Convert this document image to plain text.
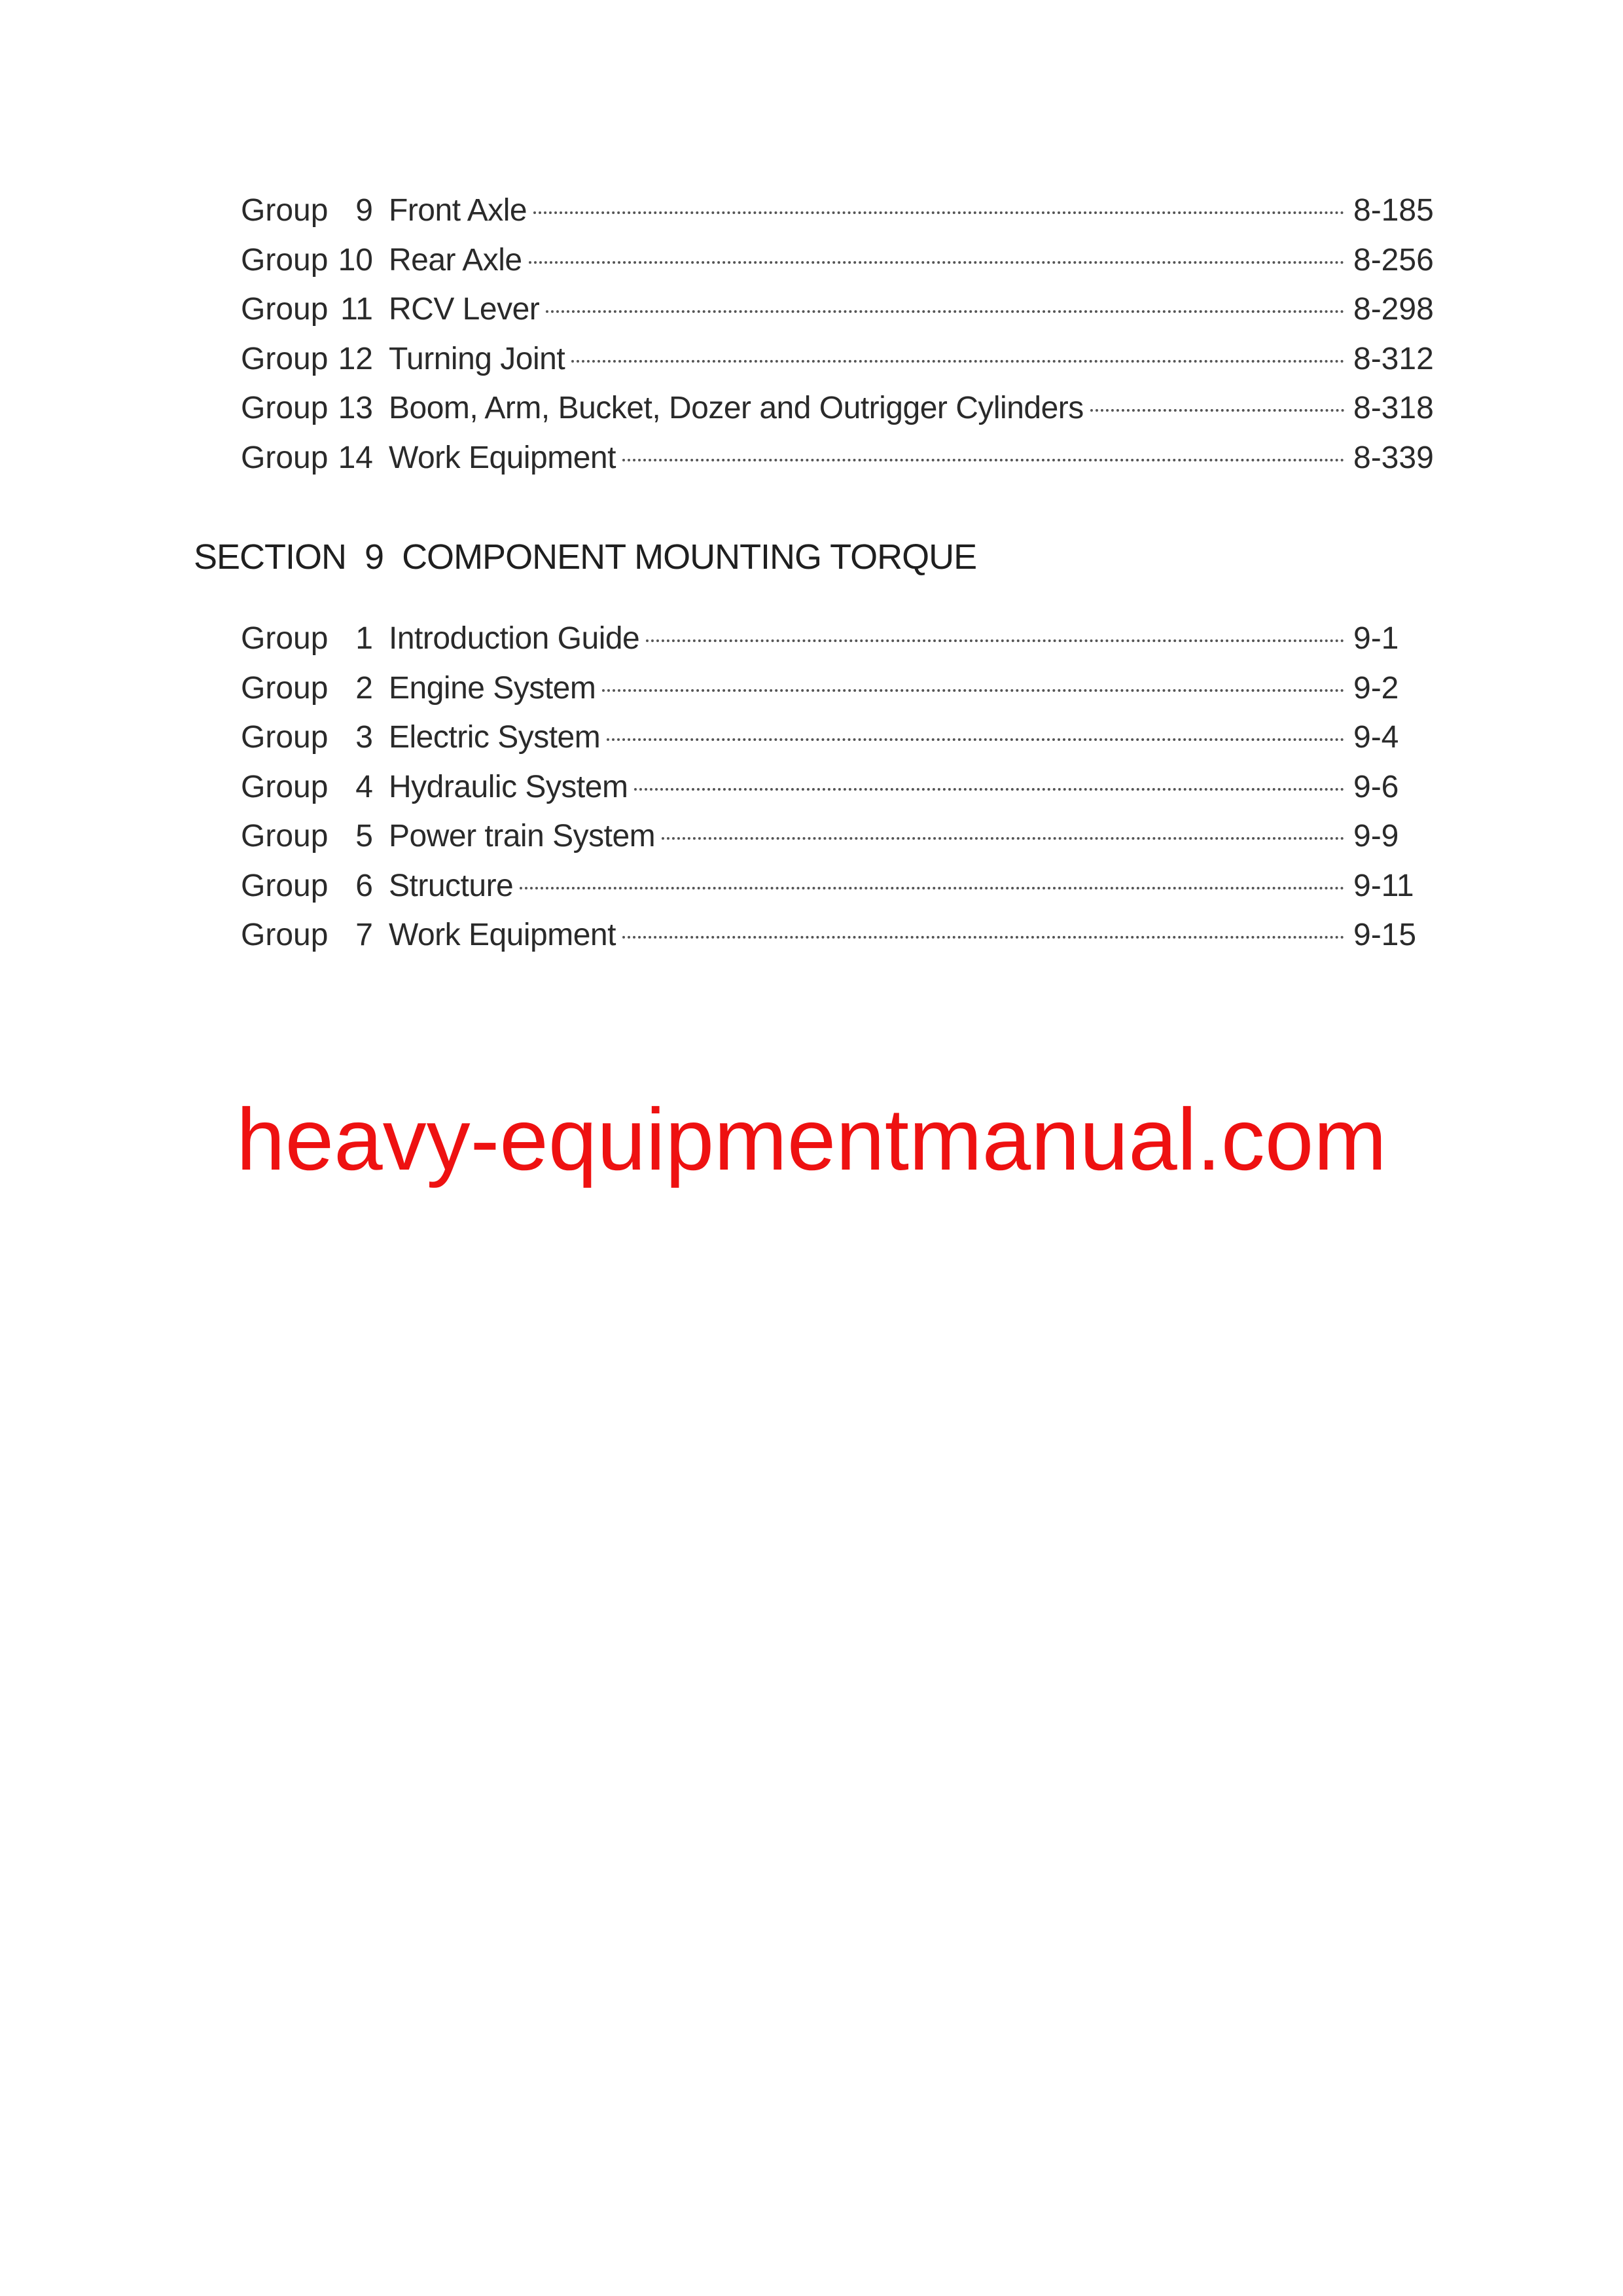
Group 9 Front Axle	8-185
Group 10 Rear Axle	8-256
Group 11 RCV Lever	8-298
Group 12 Turning Joint	8-312
Group 13 Boom, Arm, Bucket, Dozer and Outrigger Cylinders	8-318
Group 14 Work Equipment	8-339
SECTION  9  COMPONENT MOUNTING TORQUE
Group 1 Introduction Guide	9-1
Group 2 Engine System	9-2
Group 3 Electric System	9-4
Group 4 Hydraulic System	9-6
Group 5 Power train System	9-9
Group 6 Structure	9-11
Group 7 Work Equipment	9-15
heavy-equipmentmanual.com
